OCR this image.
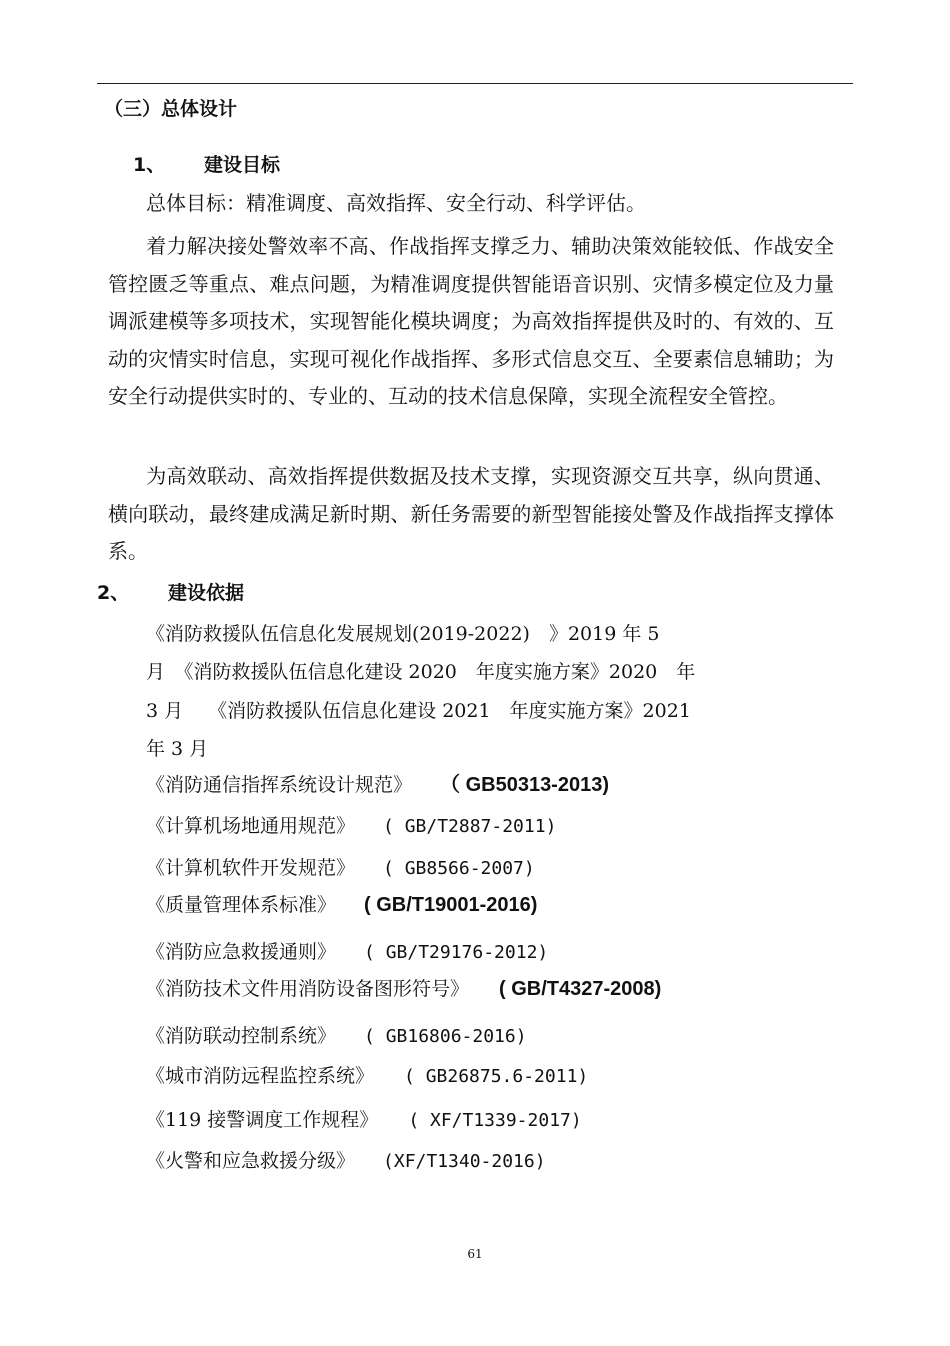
（三）总体设计
1、 建设目标
总体目标：精准调度、高效指挥、安全行动、科学评估。
着力解决接处警效率不高、作战指挥支撑乏力、辅助决策效能较低、作战安全管控匮乏等重点、难点问题，为精准调度提供智能语音识别、灾情多模定位及力量调派建模等多项技术，实现智能化模块调度；为高效指挥提供及时的、有效的、互动的灾情实时信息，实现可视化作战指挥、多形式信息交互、全要素信息辅助；为安全行动提供实时的、专业的、互动的技术信息保障，实现全流程安全管控。
为高效联动、高效指挥提供数据及技术支撑，实现资源交互共享，纵向贯通、横向联动，最终建成满足新时期、新任务需要的新型智能接处警及作战指挥支撑体系。
2、 建设依据
《消防救援队伍信息化发展规划(2019-2022)　》2019 年 5
月　《消防救援队伍信息化建设 2020　年度实施方案》2020　年
3 月　 《消防救援队伍信息化建设 2021　年度实施方案》2021
年 3 月
《消防通信指挥系统设计规范》 （ GB50313-2013)
《计算机场地通用规范》 ( GB/T2887-2011)
《计算机软件开发规范》 ( GB8566-2007)
《质量管理体系标准》 ( GB/T19001-2016)
《消防应急救援通则》 ( GB/T29176-2012)
《消防技术文件用消防设备图形符号》 ( GB/T4327-2008)
《消防联动控制系统》 ( GB16806-2016)
《城市消防远程监控系统》 ( GB26875.6-2011)
《119 接警调度工作规程》 ( XF/T1339-2017)
《火警和应急救援分级》 (XF/T1340-2016)
61
